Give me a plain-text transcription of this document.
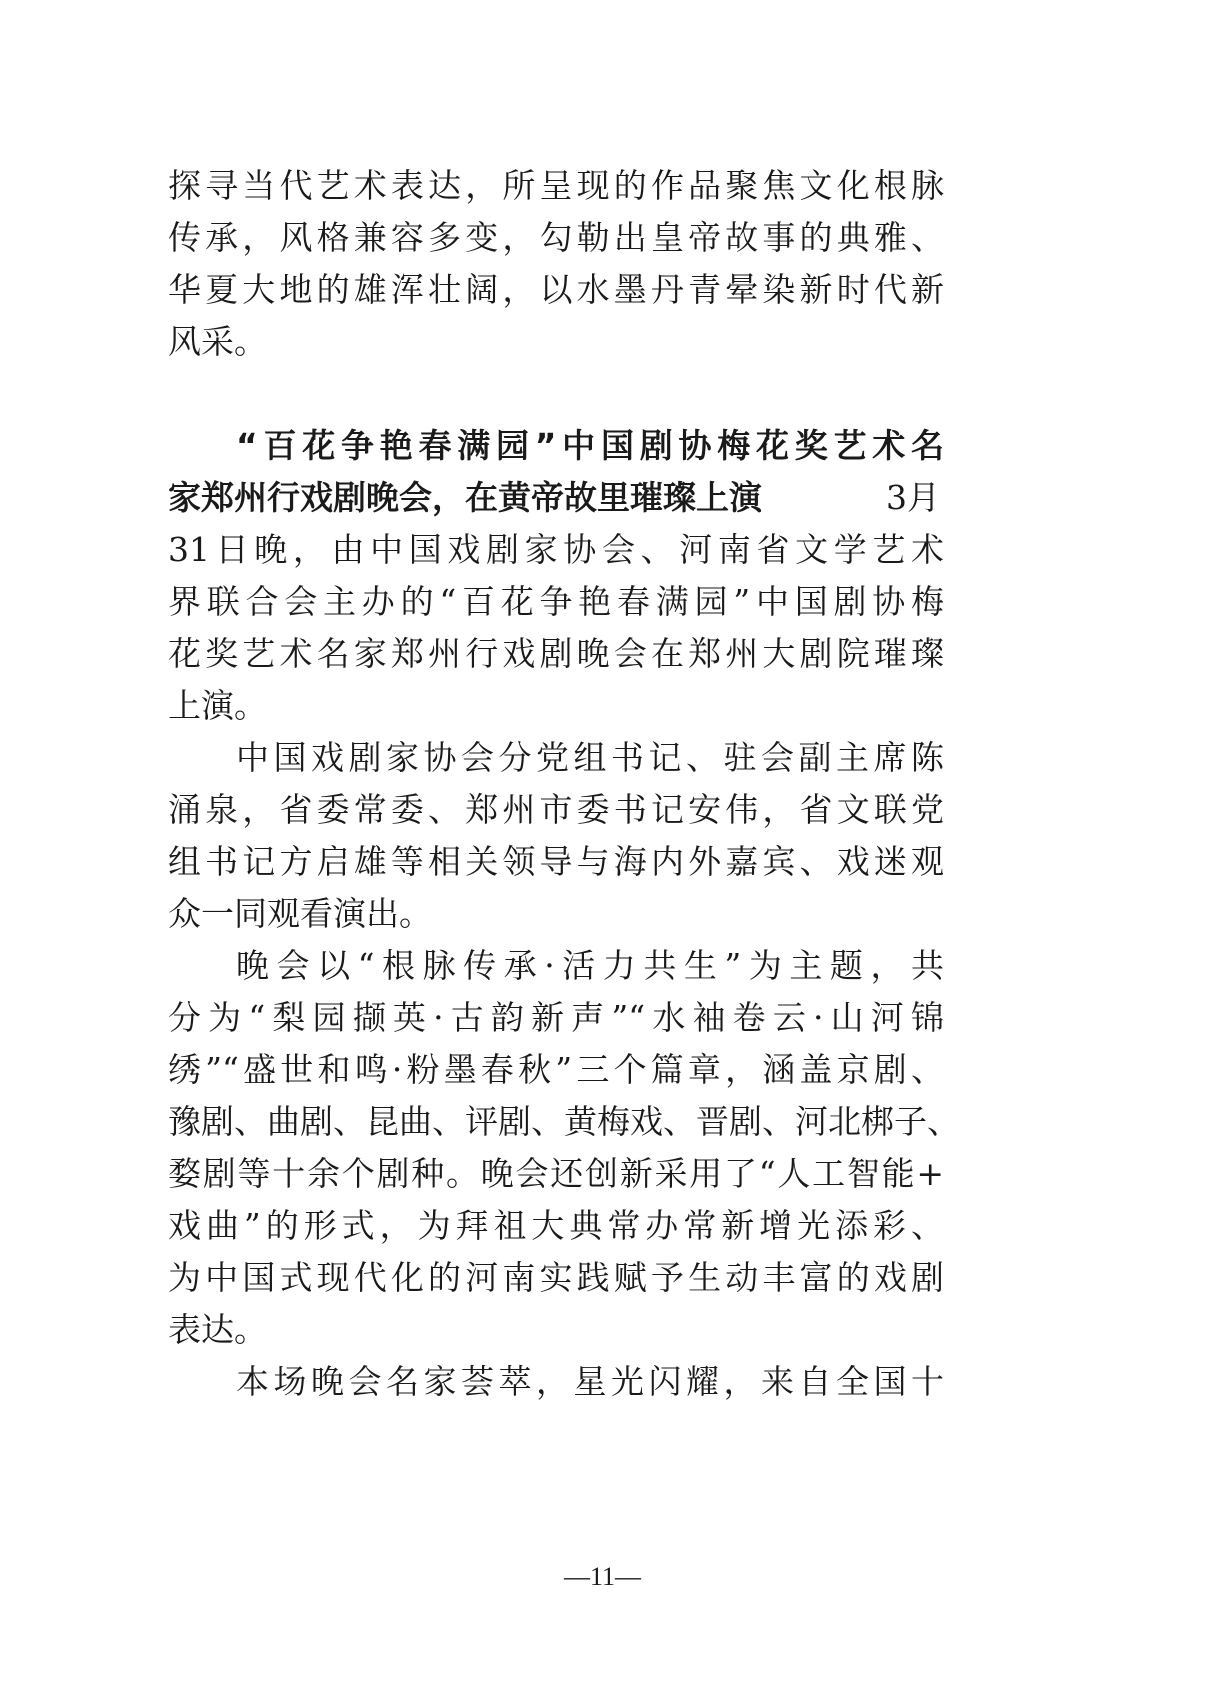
探寻当代艺术表达，所呈现的作品聚焦文化根脉
传承，风格兼容多变，勾勒出皇帝故事的典雅、
华夏大地的雄浑壮阔，以水墨丹青晕染新时代新
风采。
“百花争艳春满园”中国剧协梅花奖艺术名
家郑州行戏剧晚会，在黄帝故里璀璨上演	3月
31日晚，由中国戏剧家协会、河南省文学艺术
界联合会主办的“百花争艳春满园”中国剧协梅
花奖艺术名家郑州行戏剧晚会在郑州大剧院璀璨
上演。
中国戏剧家协会分党组书记、驻会副主席陈
涌泉，省委常委、郑州市委书记安伟，省文联党
组书记方启雄等相关领导与海内外嘉宾、戏迷观
众一同观看演出。
晚会以“根脉传承·活力共生”为主题，共
分为“梨园撷英·古韵新声”“水袖卷云·山河锦
绣”“盛世和鸣·粉墨春秋”三个篇章，涵盖京剧、
豫剧、曲剧、昆曲、评剧、黄梅戏、晋剧、河北梆子、
婺剧等十余个剧种。晚会还创新采用了“人工智能+
戏曲”的形式，为拜祖大典常办常新增光添彩、
为中国式现代化的河南实践赋予生动丰富的戏剧
表达。
本场晚会名家荟萃，星光闪耀，来自全国十
—11—
